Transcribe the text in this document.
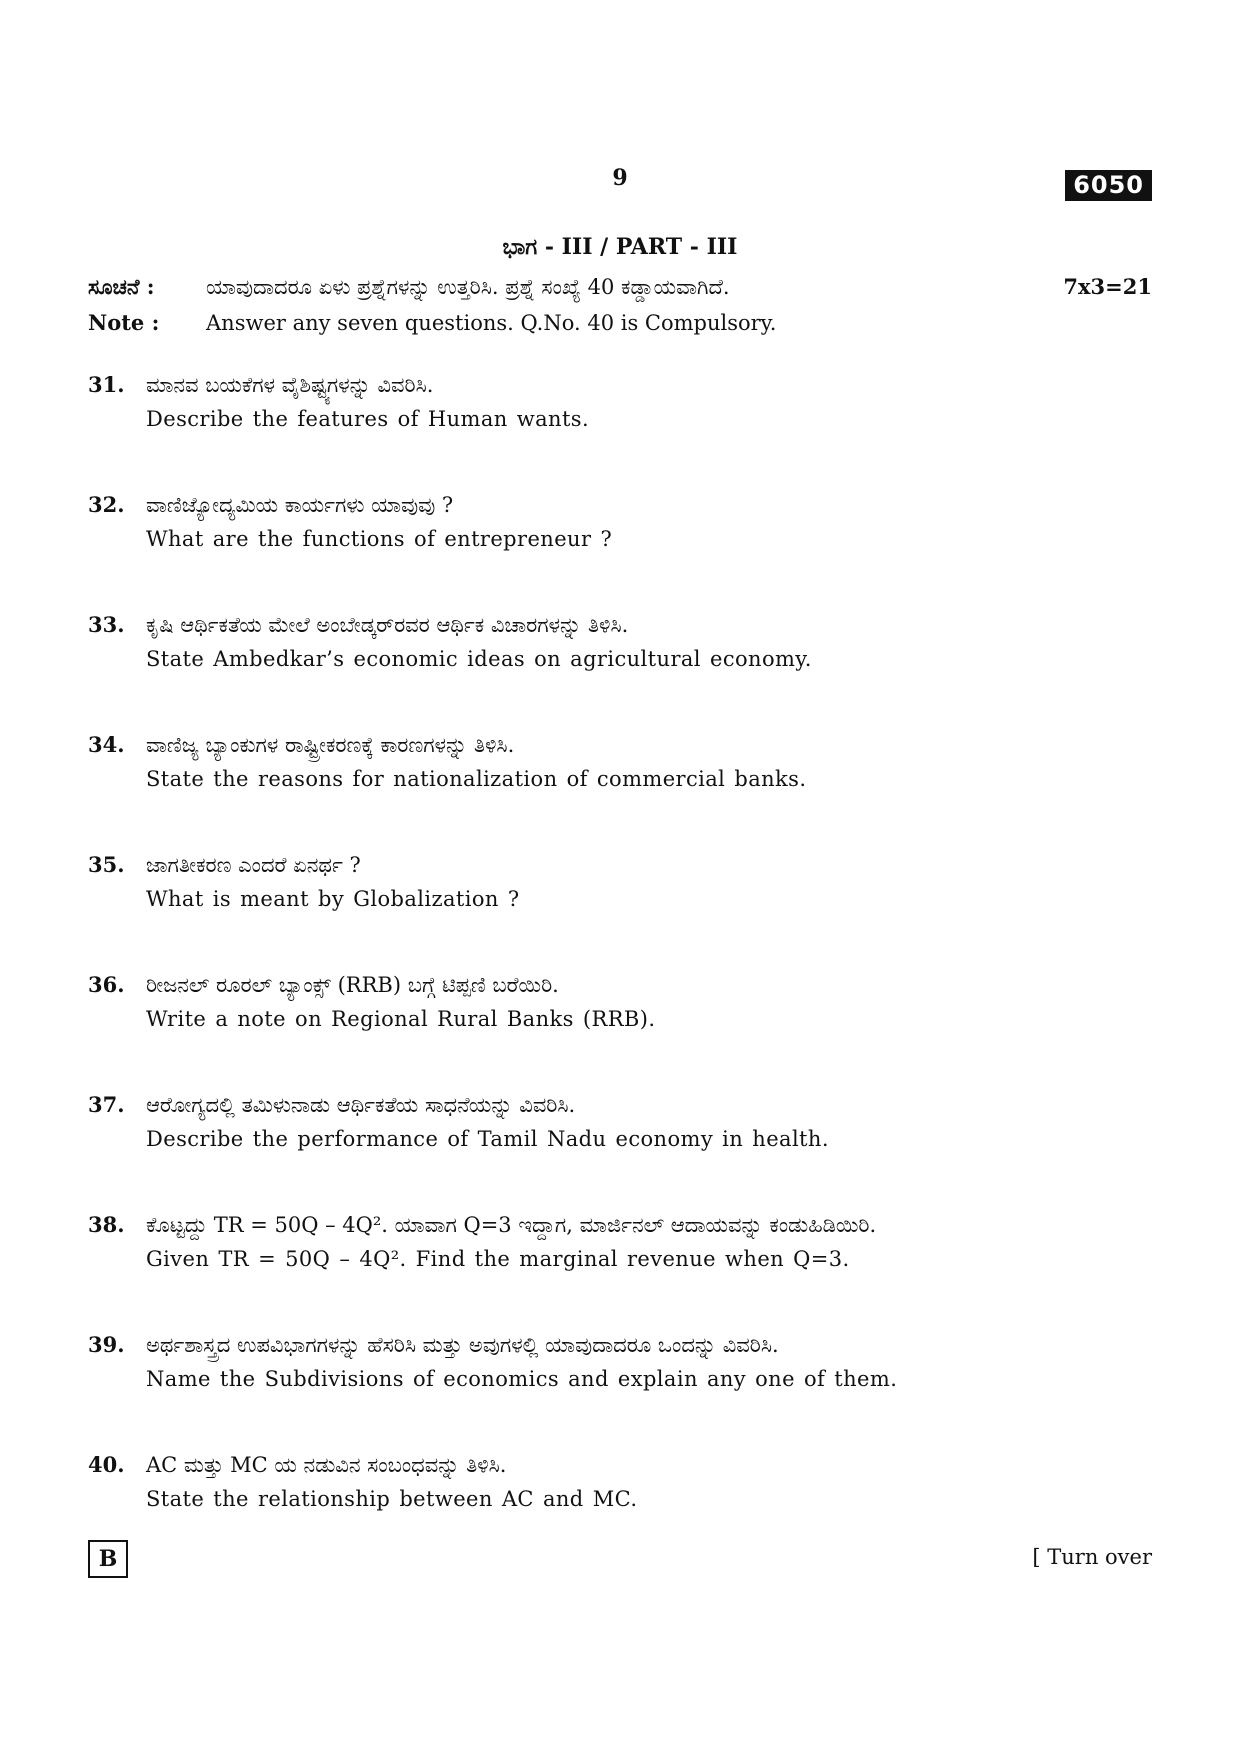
9	6050
ಭಾಗ - III / PART - III
ಸೂಚನೆ :	ಯಾವುದಾದರೂ ಏಳು ಪ್ರಶ್ನೆಗಳನ್ನು ಉತ್ತರಿಸಿ. ಪ್ರಶ್ನೆ ಸಂಖ್ಯೆ 40 ಕಡ್ಡಾಯವಾಗಿದೆ.	7x3=21
Note :	Answer any seven questions. Q.No. 40 is Compulsory.
31.	ಮಾನವ ಬಯಕೆಗಳ ವೈಶಿಷ್ಟ್ಯಗಳನ್ನು ವಿವರಿಸಿ.
Describe the features of Human wants.
32.	ವಾಣಿಜ್ಯೋದ್ಯಮಿಯ ಕಾರ್ಯಗಳು ಯಾವುವು ?
What are the functions of entrepreneur ?
33.	ಕೃಷಿ ಆರ್ಥಿಕತೆಯ ಮೇಲೆ ಅಂಬೇಡ್ಕರ್‌ರವರ ಆರ್ಥಿಕ ವಿಚಾರಗಳನ್ನು ತಿಳಿಸಿ.
State Ambedkar’s economic ideas on agricultural economy.
34.	ವಾಣಿಜ್ಯ ಬ್ಯಾಂಕುಗಳ ರಾಷ್ಟ್ರೀಕರಣಕ್ಕೆ ಕಾರಣಗಳನ್ನು ತಿಳಿಸಿ.
State the reasons for nationalization of commercial banks.
35.	ಜಾಗತೀಕರಣ ಎಂದರೆ ಏನರ್ಥ ?
What is meant by Globalization ?
36.	ರೀಜನಲ್ ರೂರಲ್ ಬ್ಯಾಂಕ್ಸ್ (RRB) ಬಗ್ಗೆ ಟಿಪ್ಪಣಿ ಬರೆಯಿರಿ.
Write a note on Regional Rural Banks (RRB).
37.	ಆರೋಗ್ಯದಲ್ಲಿ ತಮಿಳುನಾಡು ಆರ್ಥಿಕತೆಯ ಸಾಧನೆಯನ್ನು ವಿವರಿಸಿ.
Describe the performance of Tamil Nadu economy in health.
38.	ಕೊಟ್ಟದ್ದು TR = 50Q – 4Q². ಯಾವಾಗ Q=3 ಇದ್ದಾಗ, ಮಾರ್ಜಿನಲ್ ಆದಾಯವನ್ನು ಕಂಡುಹಿಡಿಯಿರಿ.
Given TR = 50Q – 4Q². Find the marginal revenue when Q=3.
39.	ಅರ್ಥಶಾಸ್ತ್ರದ ಉಪವಿಭಾಗಗಳನ್ನು ಹೆಸರಿಸಿ ಮತ್ತು ಅವುಗಳಲ್ಲಿ ಯಾವುದಾದರೂ ಒಂದನ್ನು ವಿವರಿಸಿ.
Name the Subdivisions of economics and explain any one of them.
40.	AC ಮತ್ತು MC ಯ ನಡುವಿನ ಸಂಬಂಧವನ್ನು ತಿಳಿಸಿ.
State the relationship between AC and MC.
B	[ Turn over
